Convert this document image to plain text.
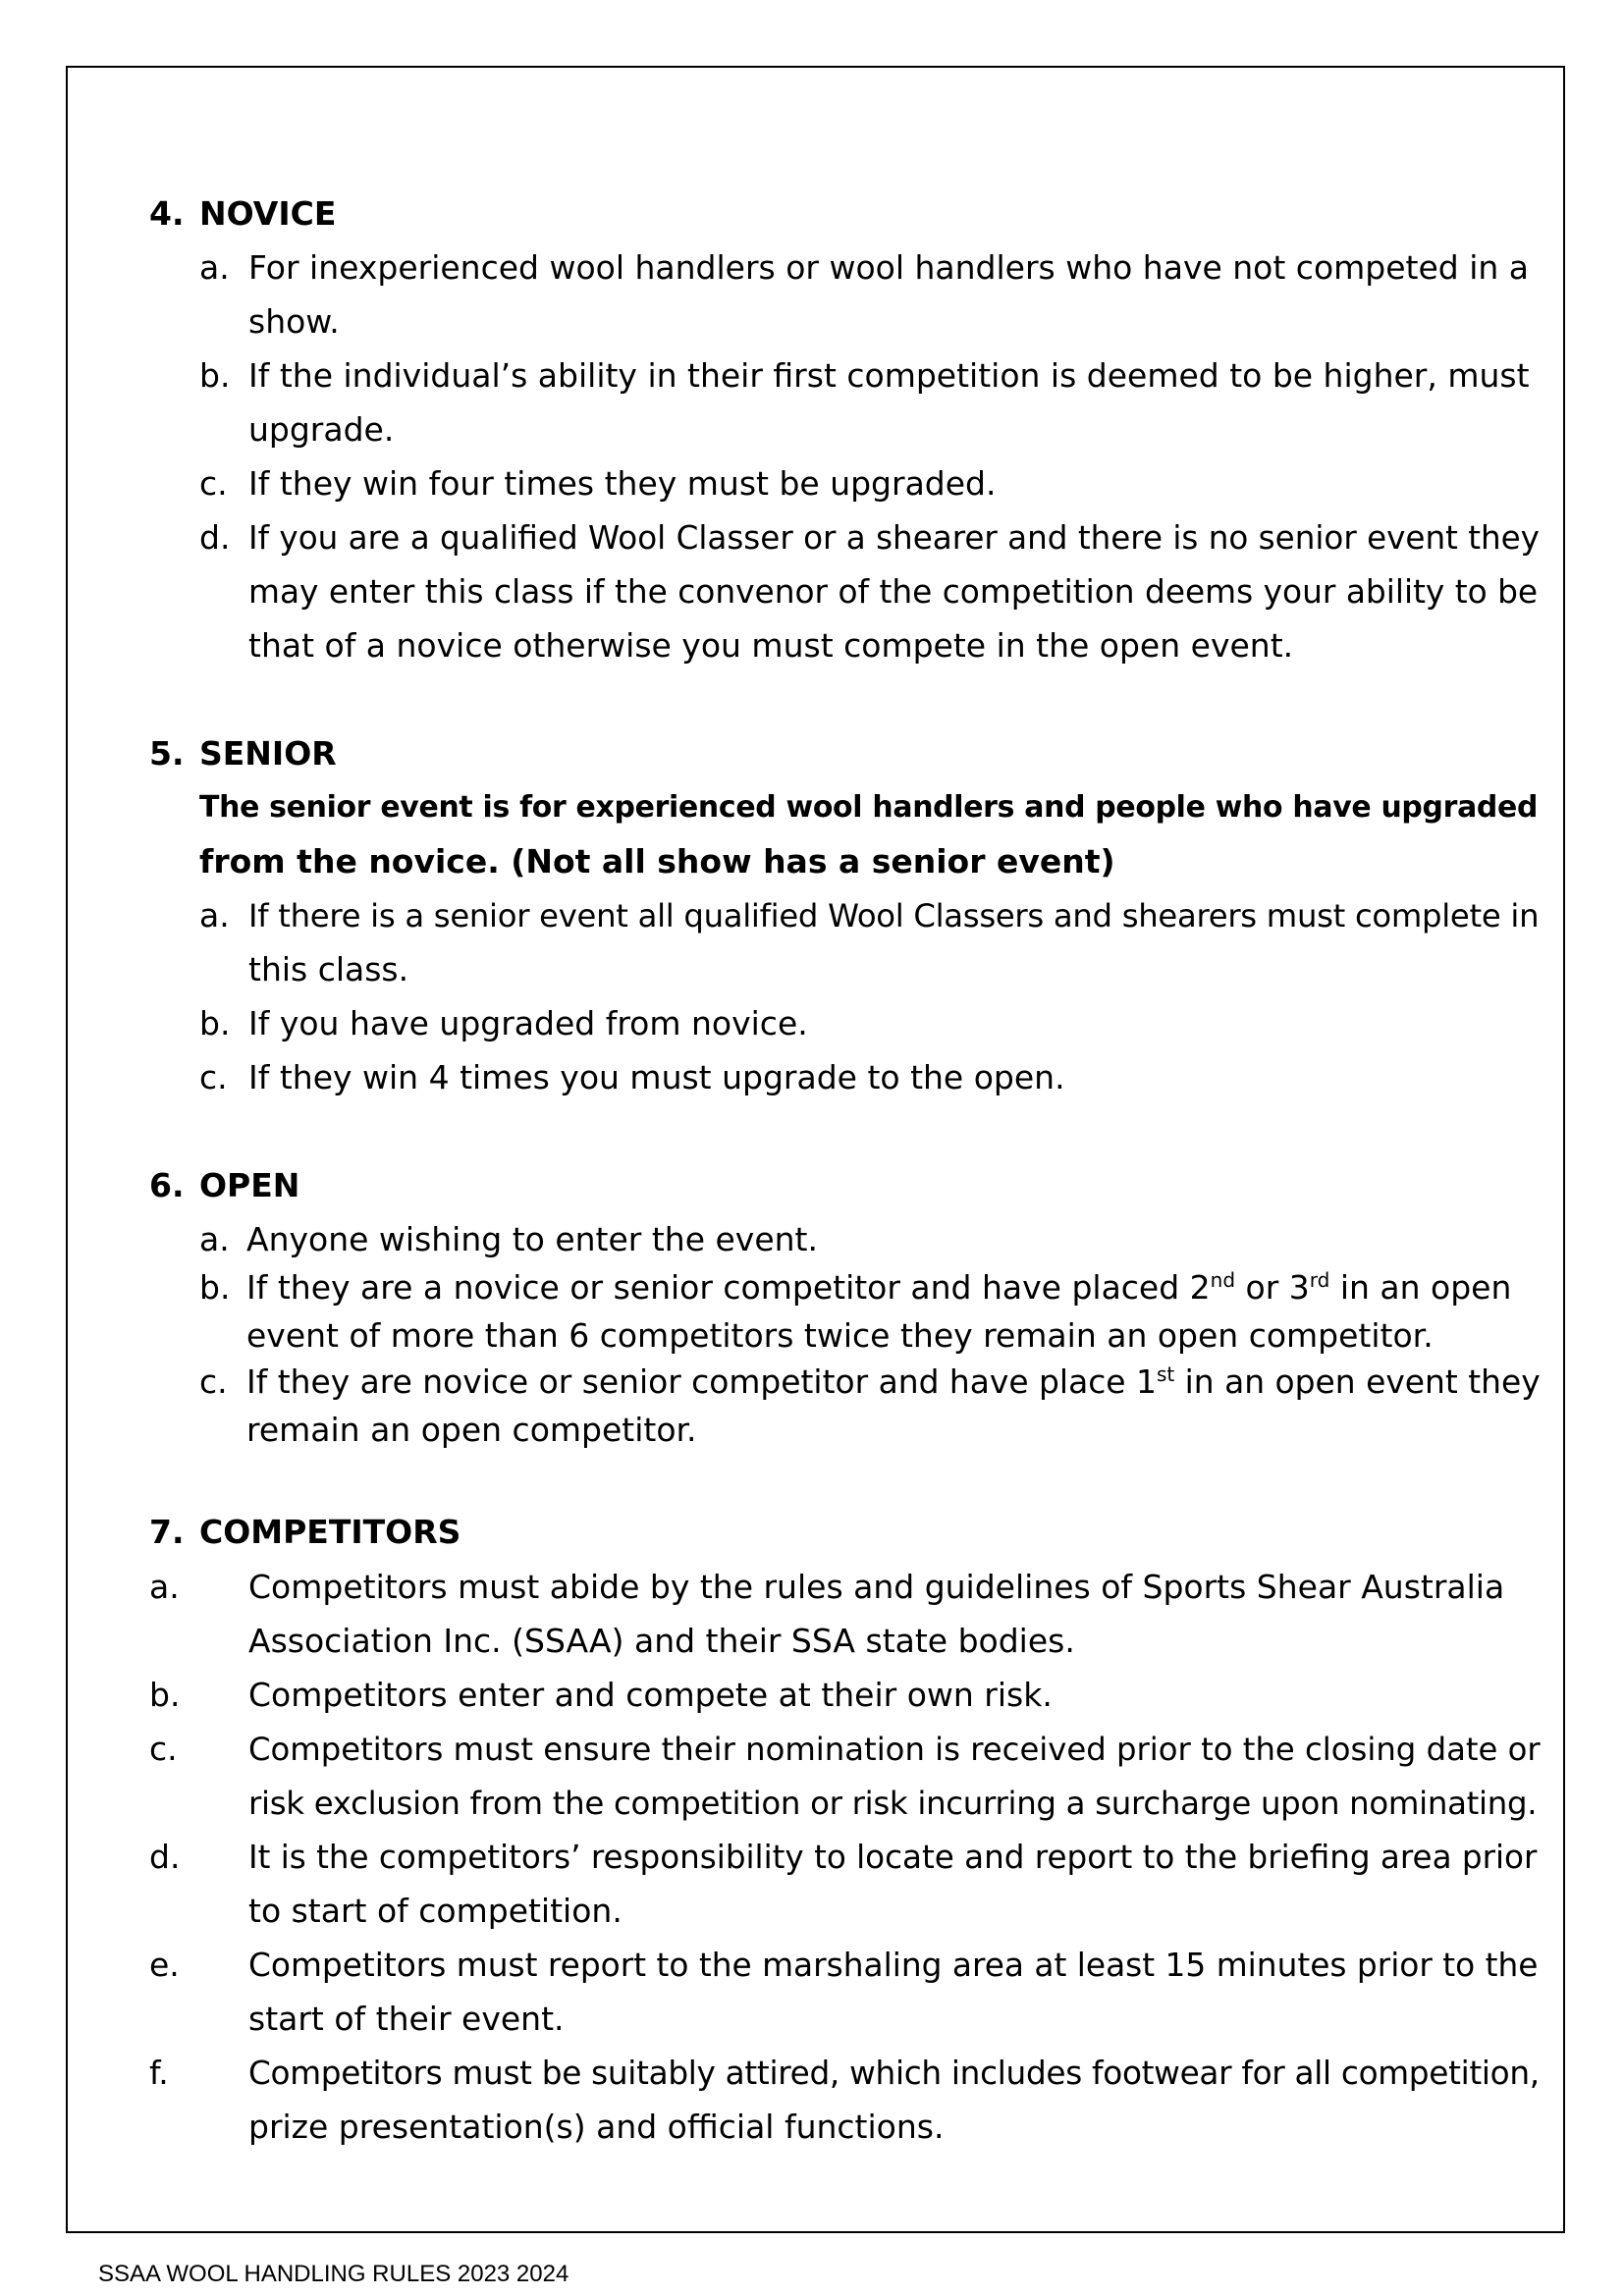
4. NOVICE

a. For inexperienced wool handlers or wool handlers who have not competed in a

show.

b. If the individual’s ability in their first competition is deemed to be higher, must

upgrade.

c. If they win four times they must be upgraded.

d. If you are a qualified Wool Classer or a shearer and there is no senior event they

may enter this class if the convenor of the competition deems your ability to be

that of a novice otherwise you must compete in the open event.

5. SENIOR

The senior event is for experienced wool handlers and people who have upgraded

from the novice. (Not all show has a senior event)

a. If there is a senior event all qualified Wool Classers and shearers must complete in

this class.

b. If you have upgraded from novice.

c. If they win 4 times you must upgrade to the open.

6. OPEN

a. Anyone wishing to enter the event.

b. If they are a novice or senior competitor and have placed 2nd or 3rd in an open

event of more than 6 competitors twice they remain an open competitor.

c. If they are novice or senior competitor and have place 1st in an open event they

remain an open competitor.

7. COMPETITORS

a. Competitors must abide by the rules and guidelines of Sports Shear Australia

Association Inc. (SSAA) and their SSA state bodies.

b. Competitors enter and compete at their own risk.

c. Competitors must ensure their nomination is received prior to the closing date or

risk exclusion from the competition or risk incurring a surcharge upon nominating.

d. It is the competitors’ responsibility to locate and report to the briefing area prior

to start of competition.

e. Competitors must report to the marshaling area at least 15 minutes prior to the

start of their event.

f. Competitors must be suitably attired, which includes footwear for all competition,

prize presentation(s) and official functions.

SSAA WOOL HANDLING RULES 2023 2024
